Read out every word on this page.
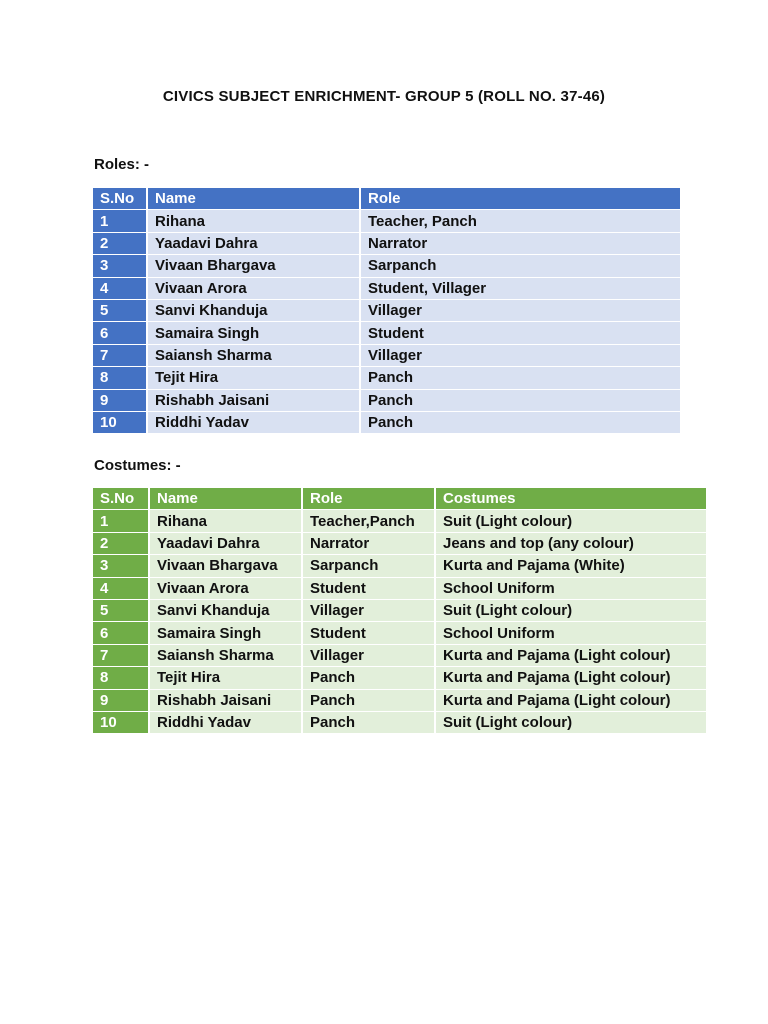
CIVICS SUBJECT ENRICHMENT- GROUP 5 (ROLL NO. 37-46)
Roles: -
S.No	Name	Role
1	Rihana	Teacher, Panch
2	Yaadavi Dahra	Narrator
3	Vivaan Bhargava	Sarpanch
4	Vivaan Arora	Student, Villager
5	Sanvi Khanduja	Villager
6	Samaira Singh	Student
7	Saiansh Sharma	Villager
8	Tejit Hira	Panch
9	Rishabh Jaisani	Panch
10	Riddhi Yadav	Panch
Costumes: -
S.No	Name	Role	Costumes
1	Rihana	Teacher,Panch	Suit (Light colour)
2	Yaadavi Dahra	Narrator	Jeans and top (any colour)
3	Vivaan Bhargava	Sarpanch	Kurta and Pajama (White)
4	Vivaan Arora	Student	School Uniform
5	Sanvi Khanduja	Villager	Suit (Light colour)
6	Samaira Singh	Student	School Uniform
7	Saiansh Sharma	Villager	Kurta and Pajama (Light colour)
8	Tejit Hira	Panch	Kurta and Pajama (Light colour)
9	Rishabh Jaisani	Panch	Kurta and Pajama (Light colour)
10	Riddhi Yadav	Panch	Suit (Light colour)
